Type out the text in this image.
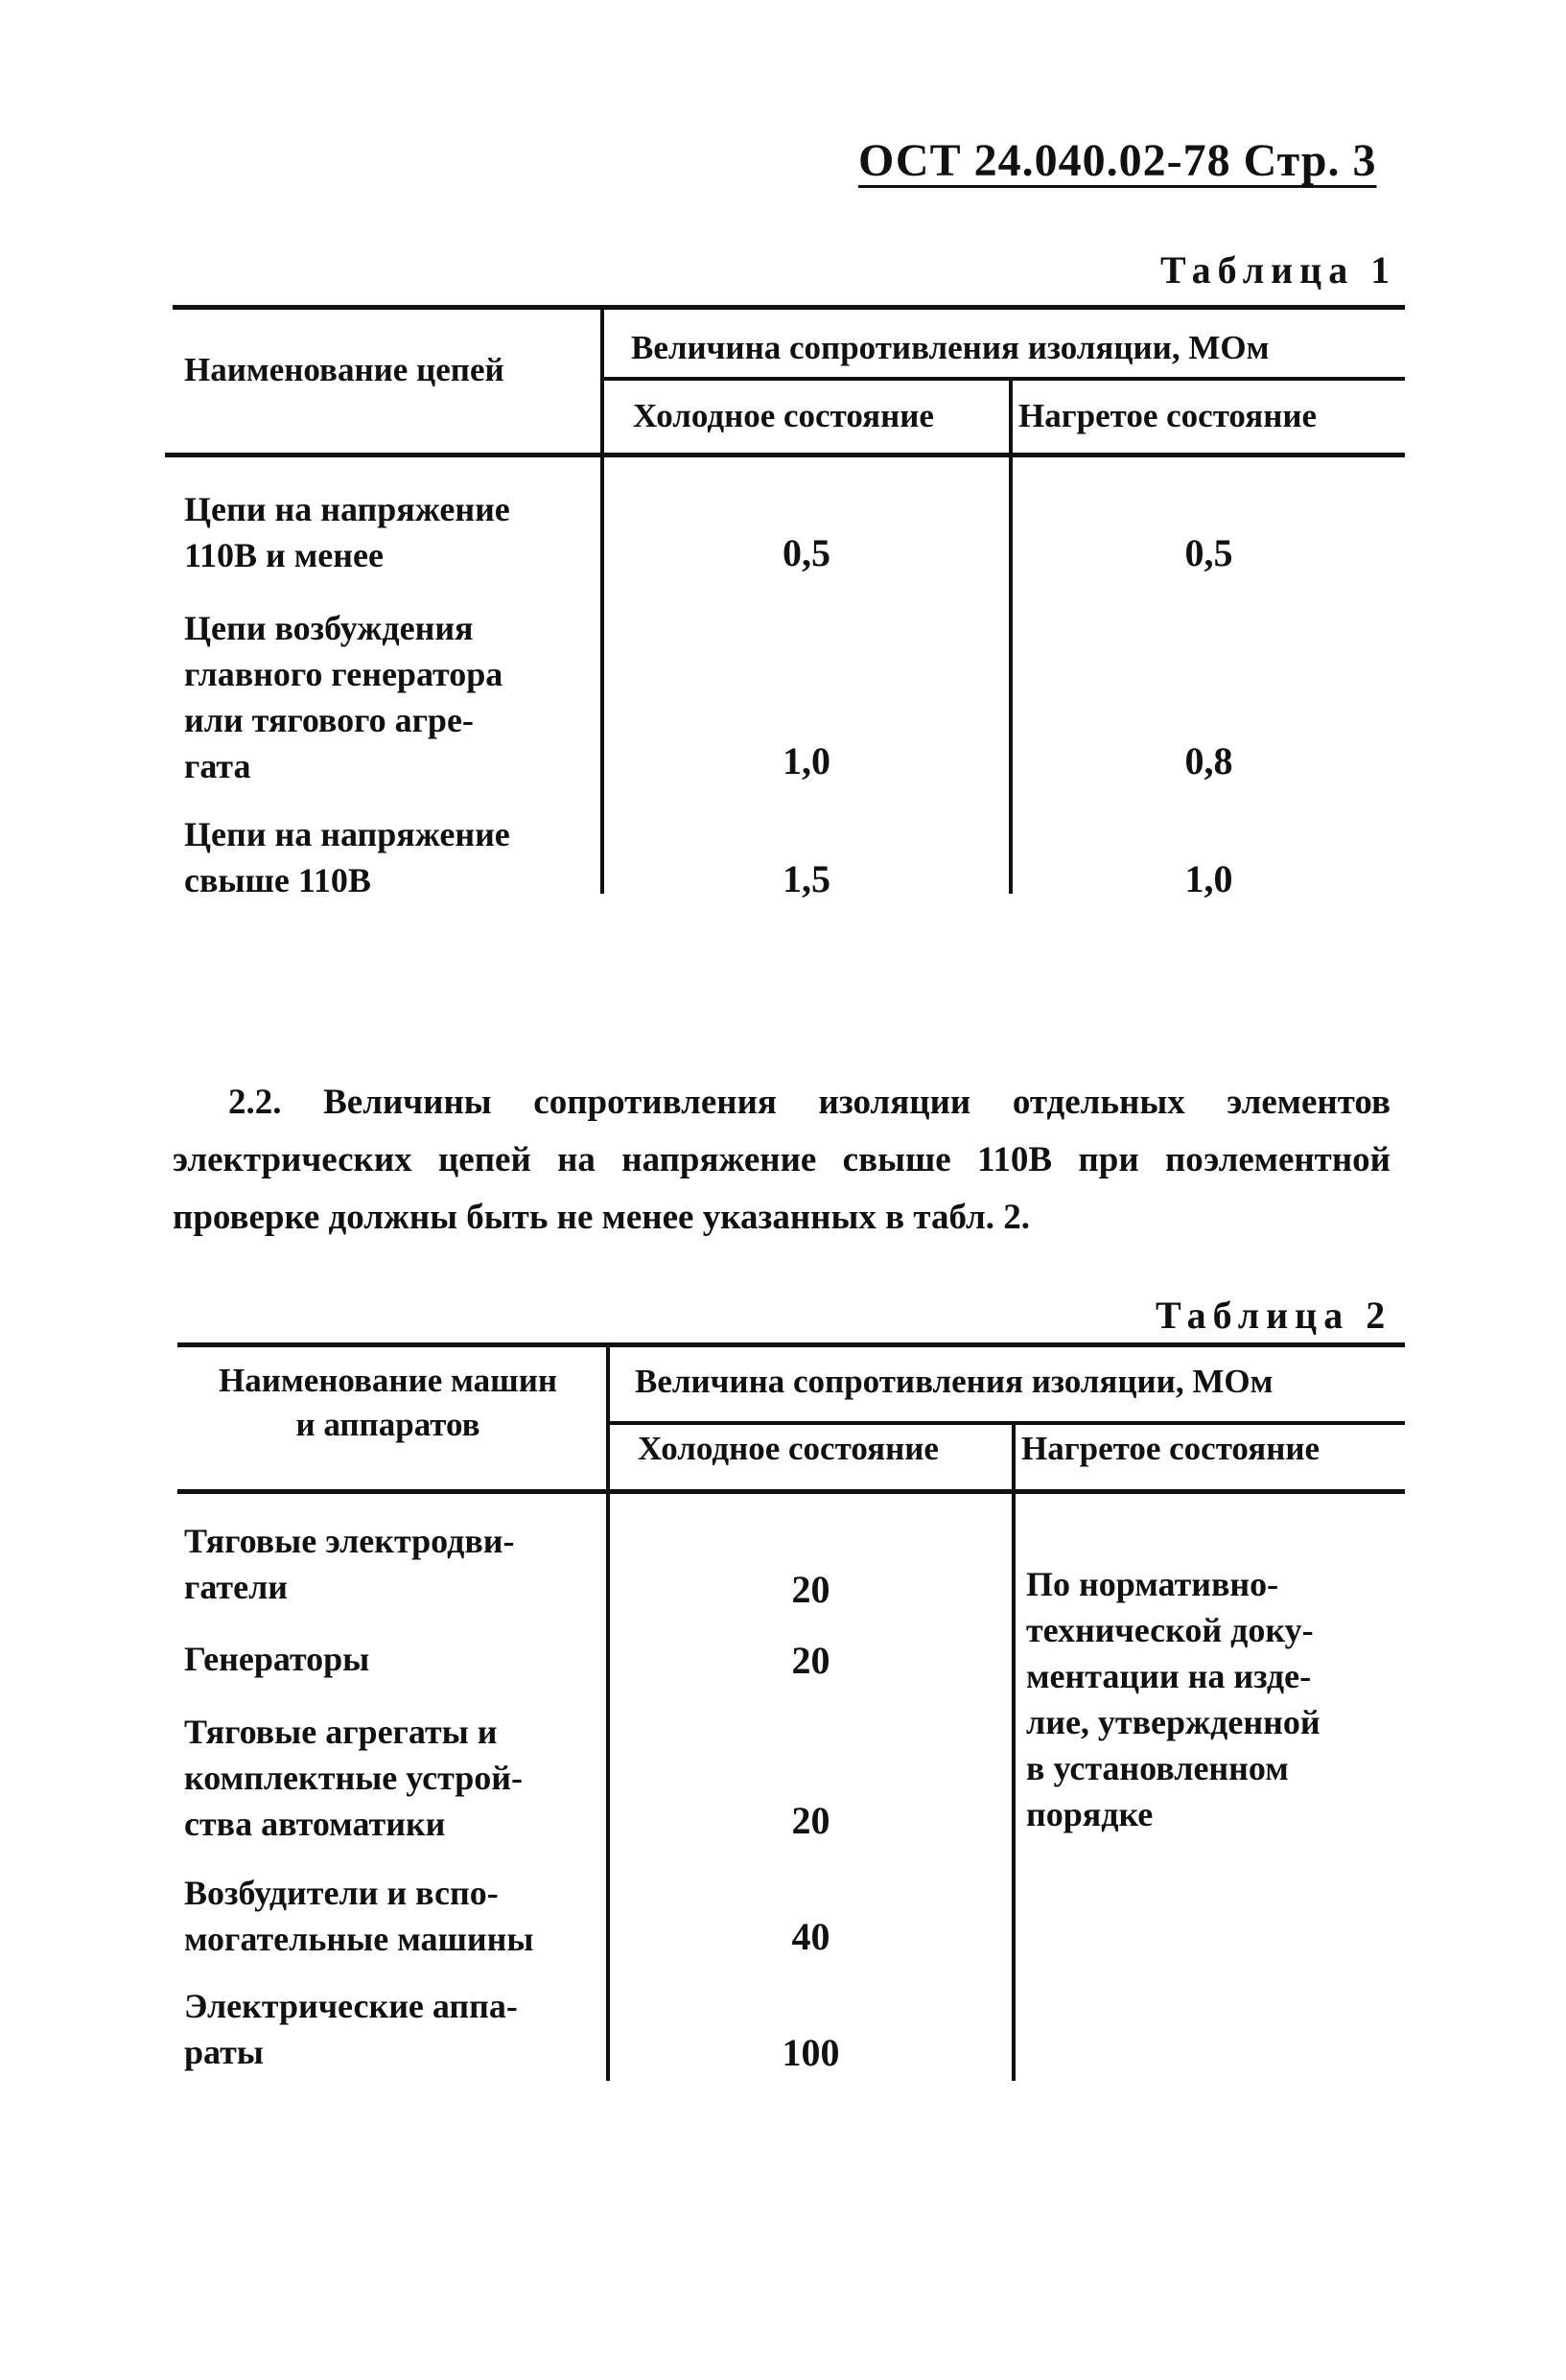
ОСТ 24.040.02-78 Стр. 3
Таблица 1
Наименование цепей
Величина сопротивления изоляции, МОм
Холодное состояние	Нагретое состояние
Цепи на напряжение
110В и менее	0,5	0,5
Цепи возбуждения
главного генератора
или тягового агре-
гата	1,0	0,8
Цепи на напряжение
свыше 110В	1,5	1,0
2.2. Величины сопротивления изоляции отдельных элементов электрических цепей на напряжение свыше 110В при поэлементной проверке должны быть не менее указанных в табл. 2.
Таблица 2
Наименование машин
и аппаратов
Величина сопротивления изоляции, МОм
Холодное состояние Нагретое состояние
Тяговые электродви-
гатели	20
Генераторы	20
Тяговые агрегаты и
комплектные устрой-
ства автоматики	20
Возбудители и вспо-
могательные машины	40
Электрические аппа-
раты	100
По нормативно-
технической доку-
ментации на изде-
лие, утвержденной
в установленном
порядке
